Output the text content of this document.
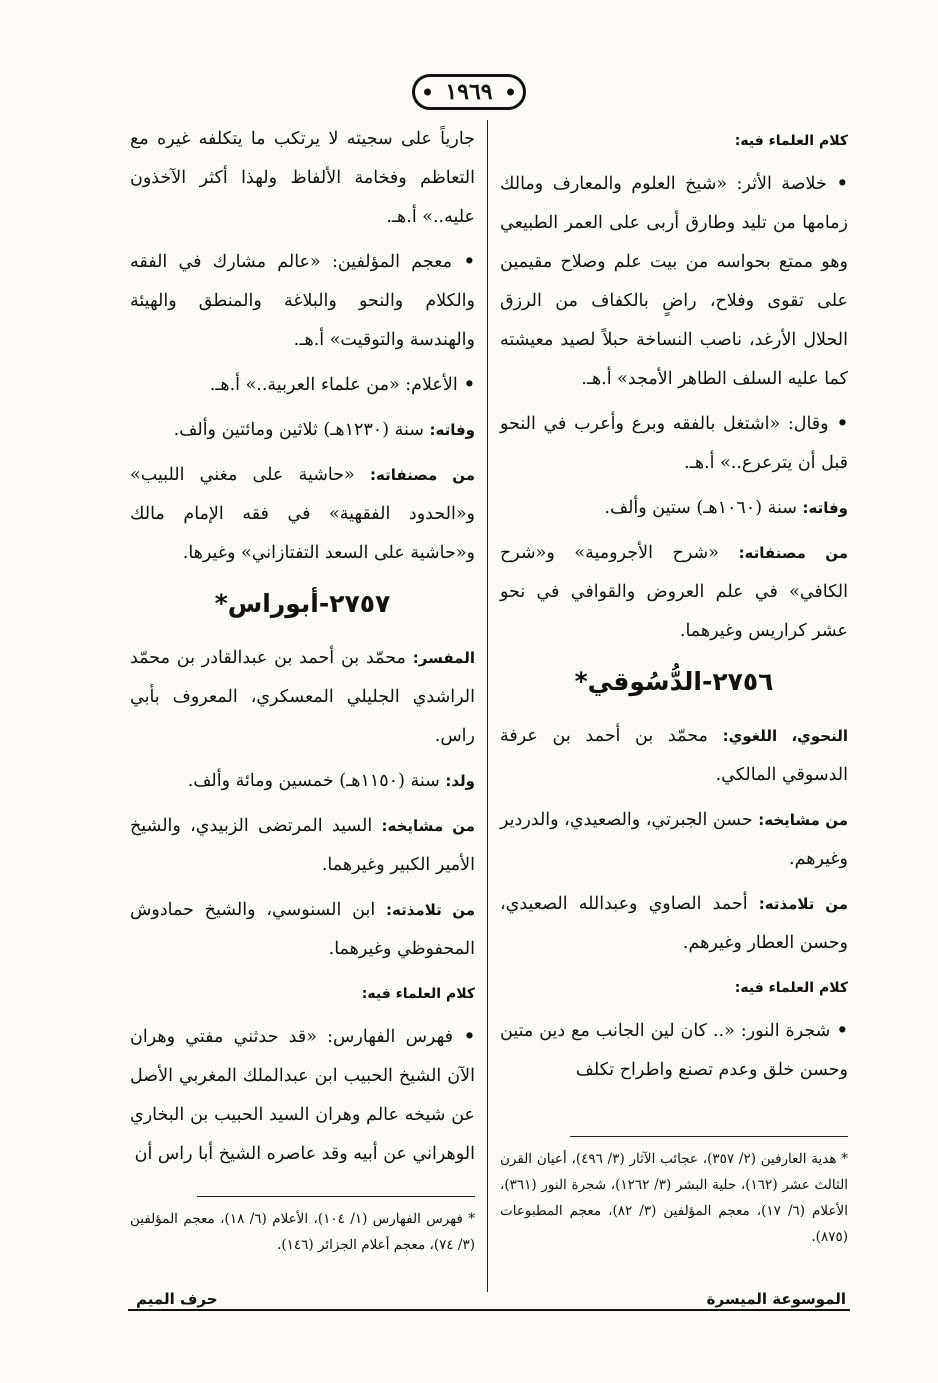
١٩٦٩
كلام العلماء فيه:

• خلاصة الأثر: «شيخ العلوم والمعارف ومالك زمامها من تليد وطارق أربى على العمر الطبيعي وهو ممتع بحواسه من بيت علم وصلاح مقيمين على تقوى وفلاح، راضٍ بالكفاف من الرزق الحلال الأرغد، ناصب النساخة حبلاً لصيد معيشته كما عليه السلف الطاهر الأمجد» أ.هـ.

• وقال: «اشتغل بالفقه وبرع وأعرب في النحو قبل أن يترعرع..» أ.هـ.

وفاته: سنة (١٠٦٠هـ) ستين وألف.

من مصنفاته: «شرح الأجرومية» و«شرح الكافي» في علم العروض والقوافي في نحو عشر كراريس وغيرهما.

٢٧٥٦-الدُّسُوقي*

النحوي، اللغوي: محمّد بن أحمد بن عرفة الدسوقي المالكي.

من مشايخه: حسن الجبرتي، والصعيدي، والدردير وغيرهم.

من تلامذته: أحمد الصاوي وعبدالله الصعيدي، وحسن العطار وغيرهم.

كلام العلماء فيه:

• شجرة النور: «.. كان لين الجانب مع دين متين وحسن خلق وعدم تصنع واطراح تكلف

جارياً على سجيته لا يرتكب ما يتكلفه غيره مع التعاظم وفخامة الألفاظ ولهذا أكثر الآخذون عليه..» أ.هـ.

• معجم المؤلفين: «عالم مشارك في الفقه والكلام والنحو والبلاغة والمنطق والهيئة والهندسة والتوقيت» أ.هـ.

• الأعلام: «من علماء العربية..» أ.هـ.

وفاته: سنة (١٢٣٠هـ) ثلاثين ومائتين وألف.

من مصنفاته: «حاشية على مغني اللبيب» و«الحدود الفقهية» في فقه الإمام مالك و«حاشية على السعد التفتازاني» وغيرها.

٢٧٥٧-أبوراس*

المفسر: محمّد بن أحمد بن عبدالقادر بن محمّد الراشدي الجليلي المعسكري، المعروف بأبي راس.

ولد: سنة (١١٥٠هـ) خمسين ومائة وألف.

من مشايخه: السيد المرتضى الزبيدي، والشيخ الأمير الكبير وغيرهما.

من تلامذته: ابن السنوسي، والشيخ حمادوش المحفوظي وغيرهما.

كلام العلماء فيه:

• فهرس الفهارس: «قد حدثني مفتي وهران الآن الشيخ الحبيب ابن عبدالملك المغربي الأصل عن شيخه عالم وهران السيد الحبيب بن البخاري الوهراني عن أبيه وقد عاصره الشيخ أبا راس أن * هدية العارفين (٢/ ٣٥٧)، عجائب الآثار (٣/ ٤٩٦)، أعيان القرن الثالث عشر (١٦٢)، حلية البشر (٣/ ١٢٦٢)، شجرة النور (٣٦١)، الأعلام (٦/ ١٧)، معجم المؤلفين (٣/ ٨٢)، معجم المطبوعات (٨٧٥).
* فهرس الفهارس (١/ ١٠٤)، الأعلام (٦/ ١٨)، معجم المؤلفين (٣/ ٧٤)، معجم أعلام الجزائر (١٤٦).
الموسوعة الميسرة
حرف الميم
